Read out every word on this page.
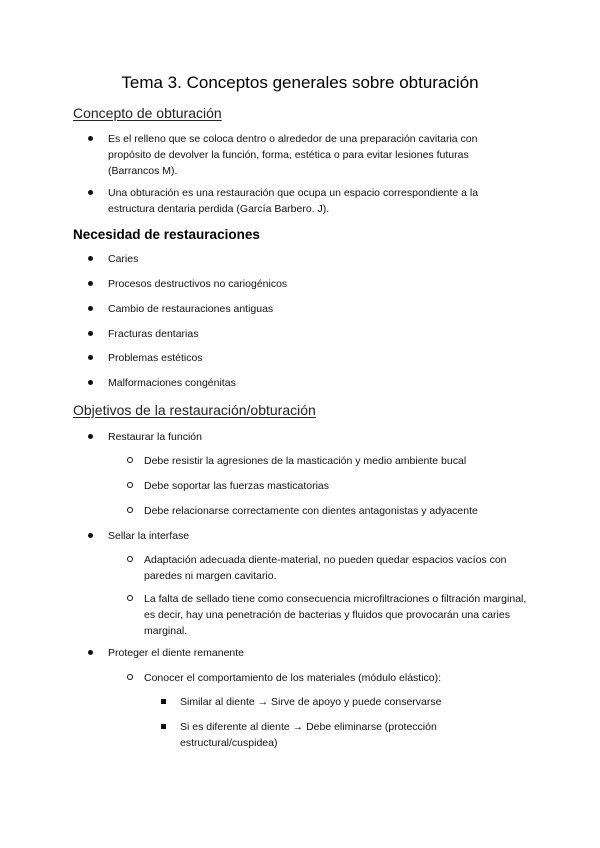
Tema 3. Conceptos generales sobre obturación
Concepto de obturación
Es el relleno que se coloca dentro o alrededor de una preparación cavitaria con propósito de devolver la función, forma, estética o para evitar lesiones futuras (Barrancos M).
Una obturación es una restauración que ocupa un espacio correspondiente a la estructura dentaria perdida (García Barbero. J).
Necesidad de restauraciones
Caries
Procesos destructivos no cariogénicos
Cambio de restauraciones antiguas
Fracturas dentarias
Problemas estéticos
Malformaciones congénitas
Objetivos de la restauración/obturación
Restaurar la función
Debe resistir la agresiones de la masticación y medio ambiente bucal
Debe soportar las fuerzas masticatorias
Debe relacionarse correctamente con dientes antagonistas y adyacente
Sellar la interfase
Adaptación adecuada diente-material, no pueden quedar espacios vacíos con paredes ni margen cavitario.
La falta de sellado tiene como consecuencia microfiltraciones o filtración marginal, es decir, hay una penetración de bacterias y fluidos que provocarán una caries marginal.
Proteger el diente remanente
Conocer el comportamiento de los materiales (módulo elástico):
Similar al diente → Sirve de apoyo y puede conservarse
Si es diferente al diente → Debe eliminarse (protección estructural/cuspidea)
